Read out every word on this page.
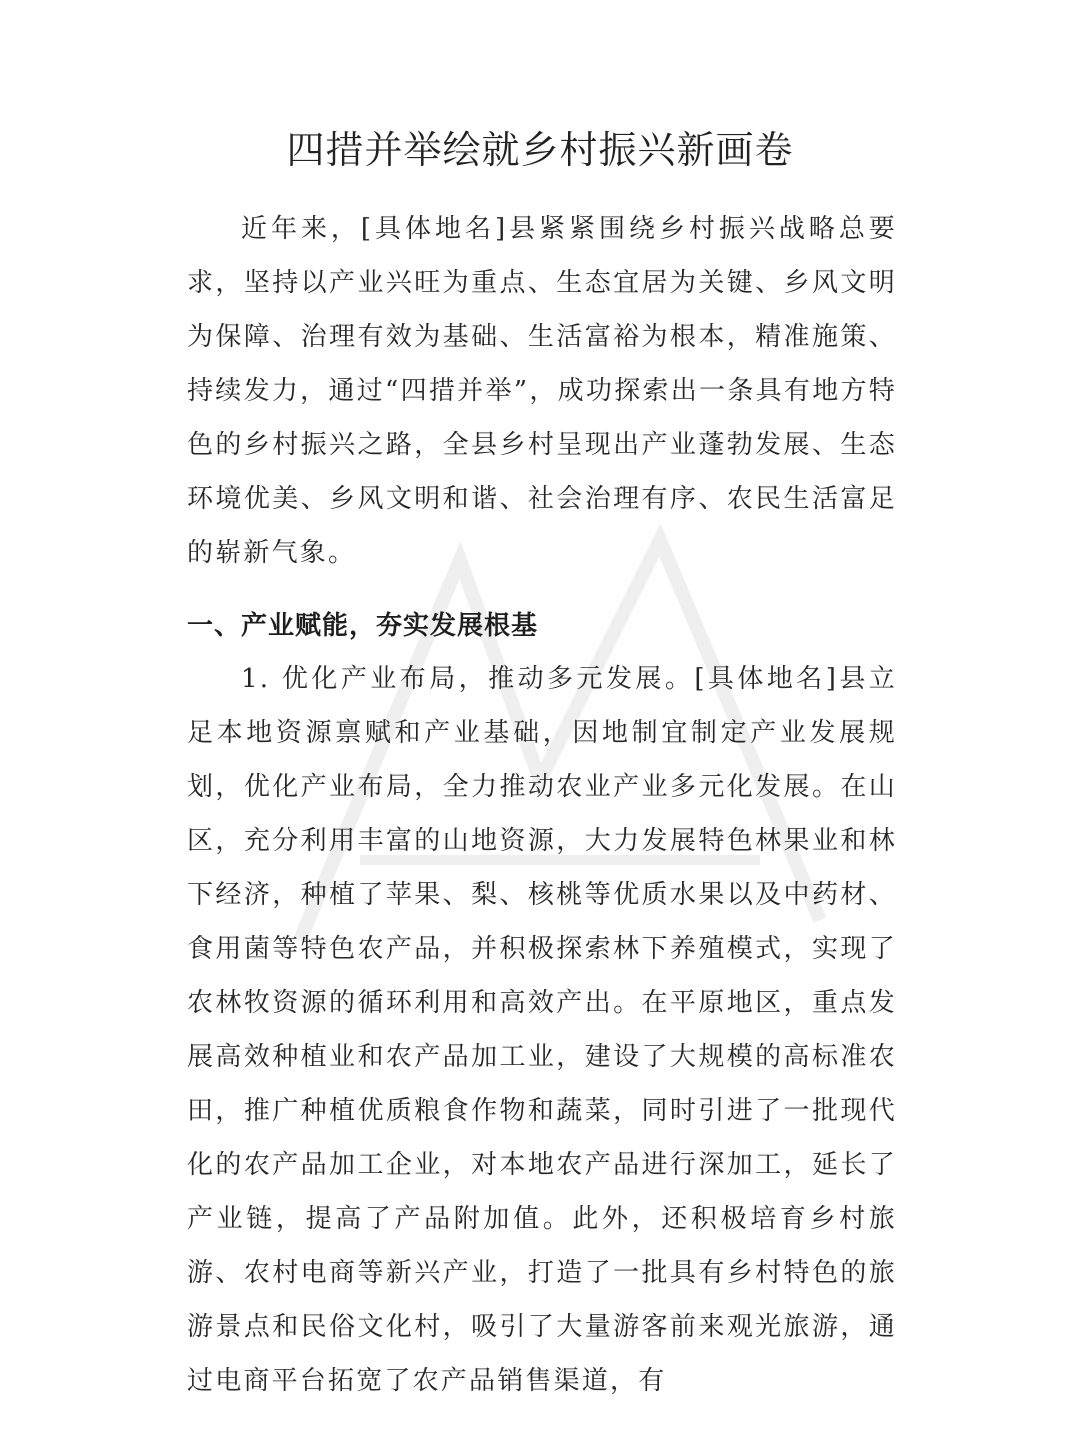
四措并举绘就乡村振兴新画卷

近年来，[具体地名]县紧紧围绕乡村振兴战略总要求，坚持以产业兴旺为重点、生态宜居为关键、乡风文明为保障、治理有效为基础、生活富裕为根本，精准施策、持续发力，通过“四措并举”，成功探索出一条具有地方特色的乡村振兴之路，全县乡村呈现出产业蓬勃发展、生态环境优美、乡风文明和谐、社会治理有序、农民生活富足的崭新气象。

一、产业赋能，夯实发展根基

1. 优化产业布局，推动多元发展。[具体地名]县立足本地资源禀赋和产业基础，因地制宜制定产业发展规划，优化产业布局，全力推动农业产业多元化发展。在山区，充分利用丰富的山地资源，大力发展特色林果业和林下经济，种植了苹果、梨、核桃等优质水果以及中药材、食用菌等特色农产品，并积极探索林下养殖模式，实现了农林牧资源的循环利用和高效产出。在平原地区，重点发展高效种植业和农产品加工业，建设了大规模的高标准农田，推广种植优质粮食作物和蔬菜，同时引进了一批现代化的农产品加工企业，对本地农产品进行深加工，延长了产业链，提高了产品附加值。此外，还积极培育乡村旅游、农村电商等新兴产业，打造了一批具有乡村特色的旅游景点和民俗文化村，吸引了大量游客前来观光旅游，通过电商平台拓宽了农产品销售渠道，有
